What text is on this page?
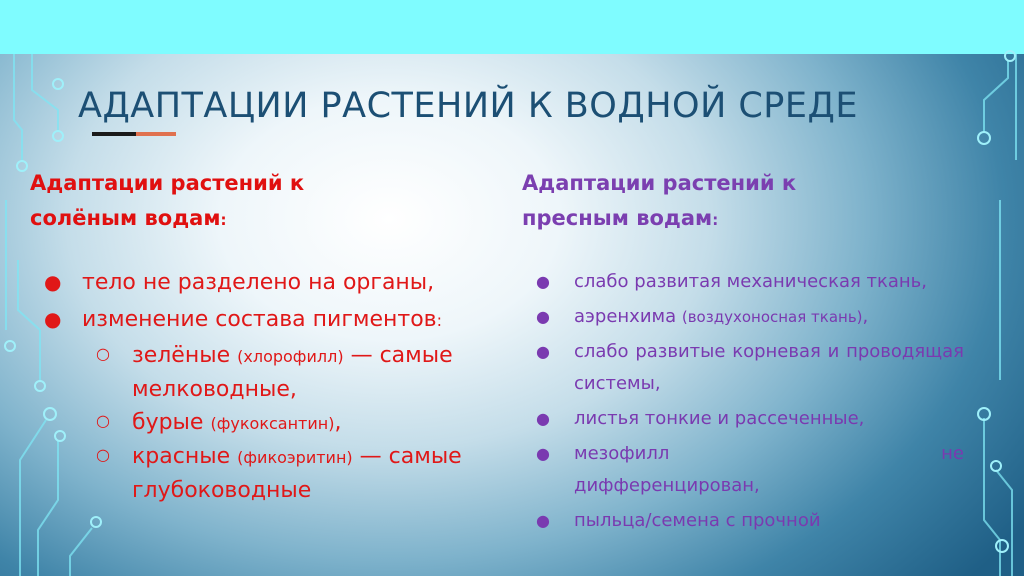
АДАПТАЦИИ РАСТЕНИЙ К ВОДНОЙ СРЕДЕ
Адаптации растений к
солёным водам:
● тело не разделено на органы,
● изменение состава пигментов:
○ зелёные (хлорофилл) — самые мелководные,
○ бурые (фукоксантин),
○ красные (фикоэритин) — самые глубоководные
Адаптации растений к
пресным водам:
● слабо развитая механическая ткань,
● аэренхима (воздухоносная ткань),
● слабо развитые корневая и проводящая системы,
● листья тонкие и рассеченные,
● мезофилл	не
дифференцирован,
● пыльца/семена с прочной
